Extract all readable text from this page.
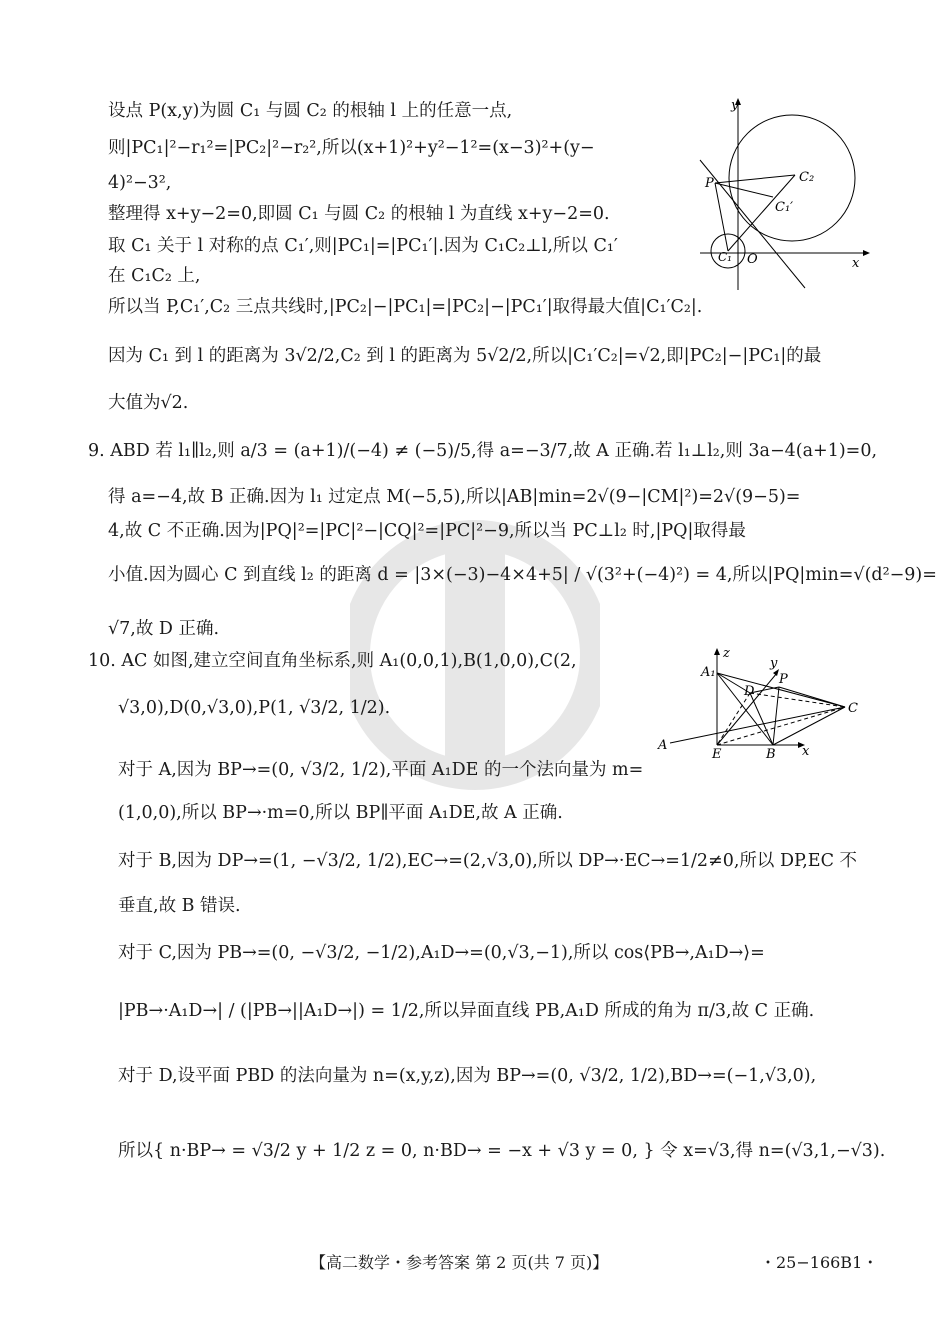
设点 P(x,y)为圆 C₁ 与圆 C₂ 的根轴 l 上的任意一点,
则|PC₁|²−r₁²=|PC₂|²−r₂²,所以(x+1)²+y²−1²=(x−3)²+(y−
4)²−3²,
整理得 x+y−2=0,即圆 C₁ 与圆 C₂ 的根轴 l 为直线 x+y−2=0.
取 C₁ 关于 l 对称的点 C₁′,则|PC₁|=|PC₁′|.因为 C₁C₂⊥l,所以 C₁′
在 C₁C₂ 上,
所以当 P,C₁′,C₂ 三点共线时,|PC₂|−|PC₁|=|PC₂|−|PC₁′|取得最大值|C₁′C₂|.
因为 C₁ 到 l 的距离为 3√2/2,C₂ 到 l 的距离为 5√2/2,所以|C₁′C₂|=√2,即|PC₂|−|PC₁|的最
大值为√2.
9. ABD 若 l₁∥l₂,则 a/3 = (a+1)/(−4) ≠ (−5)/5,得 a=−3/7,故 A 正确.若 l₁⊥l₂,则 3a−4(a+1)=0,
得 a=−4,故 B 正确.因为 l₁ 过定点 M(−5,5),所以|AB|min=2√(9−|CM|²)=2√(9−5)=
4,故 C 不正确.因为|PQ|²=|PC|²−|CQ|²=|PC|²−9,所以当 PC⊥l₂ 时,|PQ|取得最
小值.因为圆心 C 到直线 l₂ 的距离 d = |3×(−3)−4×4+5| / √(3²+(−4)²) = 4,所以|PQ|min=√(d²−9)=
√7,故 D 正确.
10. AC 如图,建立空间直角坐标系,则 A₁(0,0,1),B(1,0,0),C(2,
√3,0),D(0,√3,0),P(1, √3/2, 1/2).
对于 A,因为 BP→=(0, √3/2, 1/2),平面 A₁DE 的一个法向量为 m=
(1,0,0),所以 BP→·m=0,所以 BP∥平面 A₁DE,故 A 正确.
对于 B,因为 DP→=(1, −√3/2, 1/2),EC→=(2,√3,0),所以 DP→·EC→=1/2≠0,所以 DP,EC 不
垂直,故 B 错误.
对于 C,因为 PB→=(0, −√3/2, −1/2),A₁D→=(0,√3,−1),所以 cos⟨PB→,A₁D→⟩=
|PB→·A₁D→| / (|PB→||A₁D→|) = 1/2,所以异面直线 PB,A₁D 所成的角为 π/3,故 C 正确.
对于 D,设平面 PBD 的法向量为 n=(x,y,z),因为 BP→=(0, √3/2, 1/2),BD→=(−1,√3,0),
所以{ n·BP→ = √3/2 y + 1/2 z = 0, n·BD→ = −x + √3 y = 0, } 令 x=√3,得 n=(√3,1,−√3).
y
x
P	C₂
C₁′
C₁ O
z
y
x
A₁
D
P
C
A
E	B
【高二数学・参考答案 第 2 页(共 7 页)】	・25−166B1・
